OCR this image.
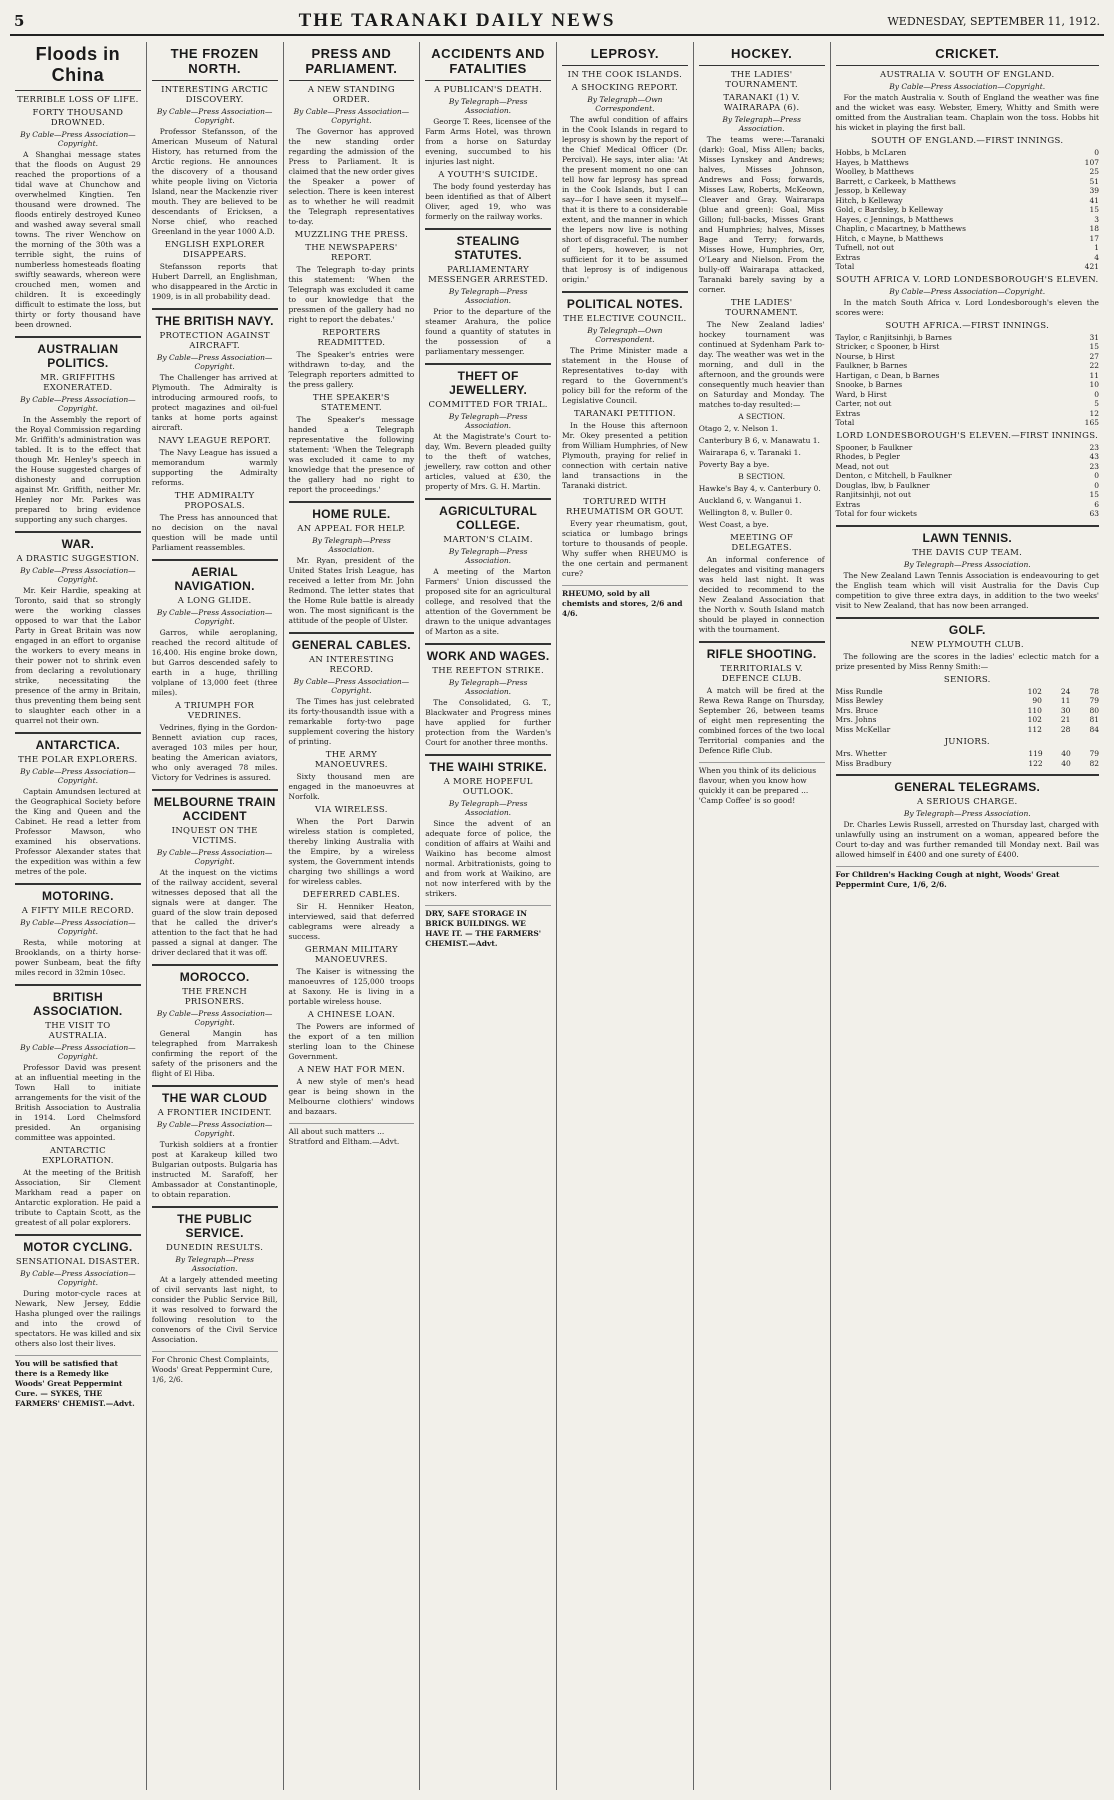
5	THE TARANAKI DAILY NEWS	WEDNESDAY, SEPTEMBER 11, 1912.
Floods in China
TERRIBLE LOSS OF LIFE.
FORTY THOUSAND DROWNED.
By Cable—Press Association—Copyright.
A Shanghai message states that the floods on August 29 reached the proportions of a tidal wave at Chunchow and overwhelmed Kingtien. Ten thousand were drowned. The floods entirely destroyed Kuneo and washed away several small towns. The river Wenchow on the morning of the 30th was a terrible sight, the ruins of numberless homesteads floating swiftly seawards, whereon were crouched men, women and children. It is exceedingly difficult to estimate the loss, but thirty or forty thousand have been drowned.
AUSTRALIAN POLITICS.
MR. GRIFFITHS EXONERATED.
By Cable—Press Association—Copyright.
In the Assembly the report of the Royal Commission regarding Mr. Griffith's administration was tabled. It is to the effect that though Mr. Henley's speech in the House suggested charges of dishonesty and corruption against Mr. Griffith, neither Mr. Henley nor Mr. Parkes was prepared to bring evidence supporting any such charges.
WAR.
A DRASTIC SUGGESTION.
By Cable—Press Association—Copyright.
Mr. Keir Hardie, speaking at Toronto, said that so strongly were the working classes opposed to war that the Labor Party in Great Britain was now engaged in an effort to organise the workers to every means in their power not to shrink even from declaring a revolutionary strike, necessitating the presence of the army in Britain, thus preventing them being sent to slaughter each other in a quarrel not their own.
ANTARCTICA.
THE POLAR EXPLORERS.
By Cable—Press Association—Copyright.
Captain Amundsen lectured at the Geographical Society before the King and Queen and the Cabinet. He read a letter from Professor Mawson, who examined his observations. Professor Alexander states that the expedition was within a few metres of the pole.
MOTORING.
A FIFTY MILE RECORD.
By Cable—Press Association—Copyright.
Resta, while motoring at Brooklands, on a thirty horse-power Sunbeam, beat the fifty miles record in 32min 10sec.
BRITISH ASSOCIATION.
THE VISIT TO AUSTRALIA.
By Cable—Press Association—Copyright.
Professor David was present at an influential meeting in the Town Hall to initiate arrangements for the visit of the British Association to Australia in 1914. Lord Chelmsford presided. An organising committee was appointed.
ANTARCTIC EXPLORATION.
At the meeting of the British Association, Sir Clement Markham read a paper on Antarctic exploration. He paid a tribute to Captain Scott, as the greatest of all polar explorers.
MOTOR CYCLING.
SENSATIONAL DISASTER.
By Cable—Press Association—Copyright.
During motor-cycle races at Newark, New Jersey, Eddie Hasha plunged over the railings and into the crowd of spectators. He was killed and six others also lost their lives.
You will be satisfied that there is a Remedy like Woods' Great Peppermint Cure. — SYKES, THE FARMERS' CHEMIST.—Advt.
THE FROZEN NORTH.
INTERESTING ARCTIC DISCOVERY.
By Cable—Press Association—Copyright.
Professor Stefansson, of the American Museum of Natural History, has returned from the Arctic regions. He announces the discovery of a thousand white people living on Victoria Island, near the Mackenzie river mouth. They are believed to be descendants of Ericksen, a Norse chief, who reached Greenland in the year 1000 A.D.
ENGLISH EXPLORER DISAPPEARS.
Stefansson reports that Hubert Darrell, an Englishman, who disappeared in the Arctic in 1909, is in all probability dead.
THE BRITISH NAVY.
PROTECTION AGAINST AIRCRAFT.
By Cable—Press Association—Copyright.
The Challenger has arrived at Plymouth. The Admiralty is introducing armoured roofs, to protect magazines and oil-fuel tanks at home ports against aircraft.
NAVY LEAGUE REPORT.
The Navy League has issued a memorandum warmly supporting the Admiralty reforms.
THE ADMIRALTY PROPOSALS.
The Press has announced that no decision on the naval question will be made until Parliament reassembles.
AERIAL NAVIGATION.
A LONG GLIDE.
By Cable—Press Association—Copyright.
Garros, while aeroplaning, reached the record altitude of 16,400. His engine broke down, but Garros descended safely to earth in a huge, thrilling volplane of 13,000 feet (three miles).
A TRIUMPH FOR VEDRINES.
Vedrines, flying in the Gordon-Bennett aviation cup races, averaged 103 miles per hour, beating the American aviators, who only averaged 78 miles. Victory for Vedrines is assured.
MELBOURNE TRAIN ACCIDENT
INQUEST ON THE VICTIMS.
By Cable—Press Association—Copyright.
At the inquest on the victims of the railway accident, several witnesses deposed that all the signals were at danger. The guard of the slow train deposed that he called the driver's attention to the fact that he had passed a signal at danger. The driver declared that it was off.
MOROCCO.
THE FRENCH PRISONERS.
By Cable—Press Association—Copyright.
General Mangin has telegraphed from Marrakesh confirming the report of the safety of the prisoners and the flight of El Hiba.
THE WAR CLOUD
A FRONTIER INCIDENT.
By Cable—Press Association—Copyright.
Turkish soldiers at a frontier post at Karakeup killed two Bulgarian outposts. Bulgaria has instructed M. Sarafoff, her Ambassador at Constantinople, to obtain reparation.
THE PUBLIC SERVICE.
DUNEDIN RESULTS.
By Telegraph—Press Association.
At a largely attended meeting of civil servants last night, to consider the Public Service Bill, it was resolved to forward the following resolution to the convenors of the Civil Service Association.
For Chronic Chest Complaints, Woods' Great Peppermint Cure, 1/6, 2/6.
PRESS AND PARLIAMENT.
A NEW STANDING ORDER.
By Cable—Press Association—Copyright.
The Governor has approved the new standing order regarding the admission of the Press to Parliament. It is claimed that the new order gives the Speaker a power of selection. There is keen interest as to whether he will readmit the Telegraph representatives to-day.
MUZZLING THE PRESS.
THE NEWSPAPERS' REPORT.
The Telegraph to-day prints this statement: 'When the Telegraph was excluded it came to our knowledge that the pressmen of the gallery had no right to report the debates.'
REPORTERS READMITTED.
The Speaker's entries were withdrawn to-day, and the Telegraph reporters admitted to the press gallery.
THE SPEAKER'S STATEMENT.
The Speaker's message handed a Telegraph representative the following statement: 'When the Telegraph was excluded it came to my knowledge that the presence of the gallery had no right to report the proceedings.'
HOME RULE.
AN APPEAL FOR HELP.
By Telegraph—Press Association.
Mr. Ryan, president of the United States Irish League, has received a letter from Mr. John Redmond. The letter states that the Home Rule battle is already won. The most significant is the attitude of the people of Ulster.
GENERAL CABLES.
AN INTERESTING RECORD.
By Cable—Press Association—Copyright.
The Times has just celebrated its forty-thousandth issue with a remarkable forty-two page supplement covering the history of printing.
THE ARMY MANOEUVRES.
Sixty thousand men are engaged in the manoeuvres at Norfolk.
VIA WIRELESS.
When the Port Darwin wireless station is completed, thereby linking Australia with the Empire, by a wireless system, the Government intends charging two shillings a word for wireless cables.
DEFERRED CABLES.
Sir H. Henniker Heaton, interviewed, said that deferred cablegrams were already a success.
GERMAN MILITARY MANOEUVRES.
The Kaiser is witnessing the manoeuvres of 125,000 troops at Saxony. He is living in a portable wireless house.
A CHINESE LOAN.
The Powers are informed of the export of a ten million sterling loan to the Chinese Government.
A NEW HAT FOR MEN.
A new style of men's head gear is being shown in the Melbourne clothiers' windows and bazaars.
All about such matters ... Stratford and Eltham.—Advt.
ACCIDENTS AND FATALITIES
A PUBLICAN'S DEATH.
By Telegraph—Press Association.
George T. Rees, licensee of the Farm Arms Hotel, was thrown from a horse on Saturday evening, succumbed to his injuries last night.
A YOUTH'S SUICIDE.
The body found yesterday has been identified as that of Albert Oliver, aged 19, who was formerly on the railway works.
STEALING STATUTES.
PARLIAMENTARY MESSENGER ARRESTED.
By Telegraph—Press Association.
Prior to the departure of the steamer Arahura, the police found a quantity of statutes in the possession of a parliamentary messenger.
THEFT OF JEWELLERY.
COMMITTED FOR TRIAL.
By Telegraph—Press Association.
At the Magistrate's Court to-day, Wm. Bevern pleaded guilty to the theft of watches, jewellery, raw cotton and other articles, valued at £30, the property of Mrs. G. H. Martin.
AGRICULTURAL COLLEGE.
MARTON'S CLAIM.
By Telegraph—Press Association.
A meeting of the Marton Farmers' Union discussed the proposed site for an agricultural college, and resolved that the attention of the Government be drawn to the unique advantages of Marton as a site.
WORK AND WAGES.
THE REEFTON STRIKE.
By Telegraph—Press Association.
The Consolidated, G. T., Blackwater and Progress mines have applied for further protection from the Warden's Court for another three months.
THE WAIHI STRIKE.
A MORE HOPEFUL OUTLOOK.
By Telegraph—Press Association.
Since the advent of an adequate force of police, the condition of affairs at Waihi and Waikino has become almost normal. Arbitrationists, going to and from work at Waikino, are not now interfered with by the strikers.
DRY, SAFE STORAGE IN BRICK BUILDINGS. WE HAVE IT. — THE FARMERS' CHEMIST.—Advt.
LEPROSY.
IN THE COOK ISLANDS.
A SHOCKING REPORT.
By Telegraph—Own Correspondent.
The awful condition of affairs in the Cook Islands in regard to leprosy is shown by the report of the Chief Medical Officer (Dr. Percival). He says, inter alia: 'At the present moment no one can tell how far leprosy has spread in the Cook Islands, but I can say—for I have seen it myself—that it is there to a considerable extent, and the manner in which the lepers now live is nothing short of disgraceful. The number of lepers, however, is not sufficient for it to be assumed that leprosy is of indigenous origin.'
POLITICAL NOTES.
THE ELECTIVE COUNCIL.
By Telegraph—Own Correspondent.
The Prime Minister made a statement in the House of Representatives to-day with regard to the Government's policy bill for the reform of the Legislative Council.
TARANAKI PETITION.
In the House this afternoon Mr. Okey presented a petition from William Humphries, of New Plymouth, praying for relief in connection with certain native land transactions in the Taranaki district.
TORTURED WITH RHEUMATISM OR GOUT.
Every year rheumatism, gout, sciatica or lumbago brings torture to thousands of people. Why suffer when RHEUMO is the one certain and permanent cure?
RHEUMO, sold by all chemists and stores, 2/6 and 4/6.
HOCKEY.
THE LADIES' TOURNAMENT.
TARANAKI (1) V. WAIRARAPA (6).
By Telegraph—Press Association.
The teams were:—Taranaki (dark): Goal, Miss Allen; backs, Misses Lynskey and Andrews; halves, Misses Johnson, Andrews and Foss; forwards, Misses Law, Roberts, McKeown, Cleaver and Gray. Wairarapa (blue and green): Goal, Miss Gillon; full-backs, Misses Grant and Humphries; halves, Misses Bage and Terry; forwards, Misses Howe, Humphries, Orr, O'Leary and Nielson. From the bully-off Wairarapa attacked, Taranaki barely saving by a corner.
THE LADIES' TOURNAMENT.
The New Zealand ladies' hockey tournament was continued at Sydenham Park to-day. The weather was wet in the morning, and dull in the afternoon, and the grounds were consequently much heavier than on Saturday and Monday. The matches to-day resulted:—
A SECTION.
Otago 2, v. Nelson 1.
Canterbury B 6, v. Manawatu 1.
Wairarapa 6, v. Taranaki 1.
Poverty Bay a bye.
B SECTION.
Hawke's Bay 4, v. Canterbury 0.
Auckland 6, v. Wanganui 1.
Wellington 8, v. Buller 0.
West Coast, a bye.
MEETING OF DELEGATES.
An informal conference of delegates and visiting managers was held last night. It was decided to recommend to the New Zealand Association that the North v. South Island match should be played in connection with the tournament.
RIFLE SHOOTING.
TERRITORIALS V. DEFENCE CLUB.
A match will be fired at the Rewa Rewa Range on Thursday, September 26, between teams of eight men representing the combined forces of the two local Territorial companies and the Defence Rifle Club.
When you think of its delicious flavour, when you know how quickly it can be prepared ... 'Camp Coffee' is so good!
CRICKET.
AUSTRALIA V. SOUTH OF ENGLAND.
By Cable—Press Association—Copyright.
For the match Australia v. South of England the weather was fine and the wicket was easy. Webster, Emery, Whitty and Smith were omitted from the Australian team. Chaplain won the toss. Hobbs hit his wicket in playing the first ball.
SOUTH OF ENGLAND.—FIRST INNINGS.
Hobbs, b McLaren	0
Hayes, b Matthews	107
Woolley, b Matthews	25
Barrett, c Carkeek, b Matthews	51
Jessop, b Kelleway	39
Hitch, b Kelleway	41
Gold, c Bardsley, b Kelleway	15
Hayes, c Jennings, b Matthews	3
Chaplin, c Macartney, b Matthews	18
Hitch, c Mayne, b Matthews	17
Tufnell, not out	1
Extras	4
Total	421
SOUTH AFRICA V. LORD LONDESBOROUGH'S ELEVEN.
By Cable—Press Association—Copyright.
In the match South Africa v. Lord Londesborough's eleven the scores were:
SOUTH AFRICA.—FIRST INNINGS.
Taylor, c Ranjitsinhji, b Barnes	31
Stricker, c Spooner, b Hirst	15
Nourse, b Hirst	27
Faulkner, b Barnes	22
Hartigan, c Dean, b Barnes	11
Snooke, b Barnes	10
Ward, b Hirst	0
Carter, not out	5
Extras	12
Total	165
LORD LONDESBOROUGH'S ELEVEN.—FIRST INNINGS.
Spooner, b Faulkner	23
Rhodes, b Pegler	43
Mead, not out	23
Denton, c Mitchell, b Faulkner	0
Douglas, lbw, b Faulkner	0
Ranjitsinhji, not out	15
Extras	6
Total for four wickets	63
LAWN TENNIS.
THE DAVIS CUP TEAM.
By Telegraph—Press Association.
The New Zealand Lawn Tennis Association is endeavouring to get the English team which will visit Australia for the Davis Cup competition to give three extra days, in addition to the two weeks' visit to New Zealand, that has now been arranged.
GOLF.
NEW PLYMOUTH CLUB.
The following are the scores in the ladies' eclectic match for a prize presented by Miss Renny Smith:—
SENIORS.
Miss Rundle	102	24	78
Miss Bewley	90	11	79
Mrs. Bruce	110	30	80
Mrs. Johns	102	21	81
Miss McKellar	112	28	84
JUNIORS.
Mrs. Whetter	119	40	79
Miss Bradbury	122	40	82
GENERAL TELEGRAMS.
A SERIOUS CHARGE.
By Telegraph—Press Association.
Dr. Charles Lewis Russell, arrested on Thursday last, charged with unlawfully using an instrument on a woman, appeared before the Court to-day and was further remanded till Monday next. Bail was allowed himself in £400 and one surety of £400.
For Children's Hacking Cough at night, Woods' Great Peppermint Cure, 1/6, 2/6.
